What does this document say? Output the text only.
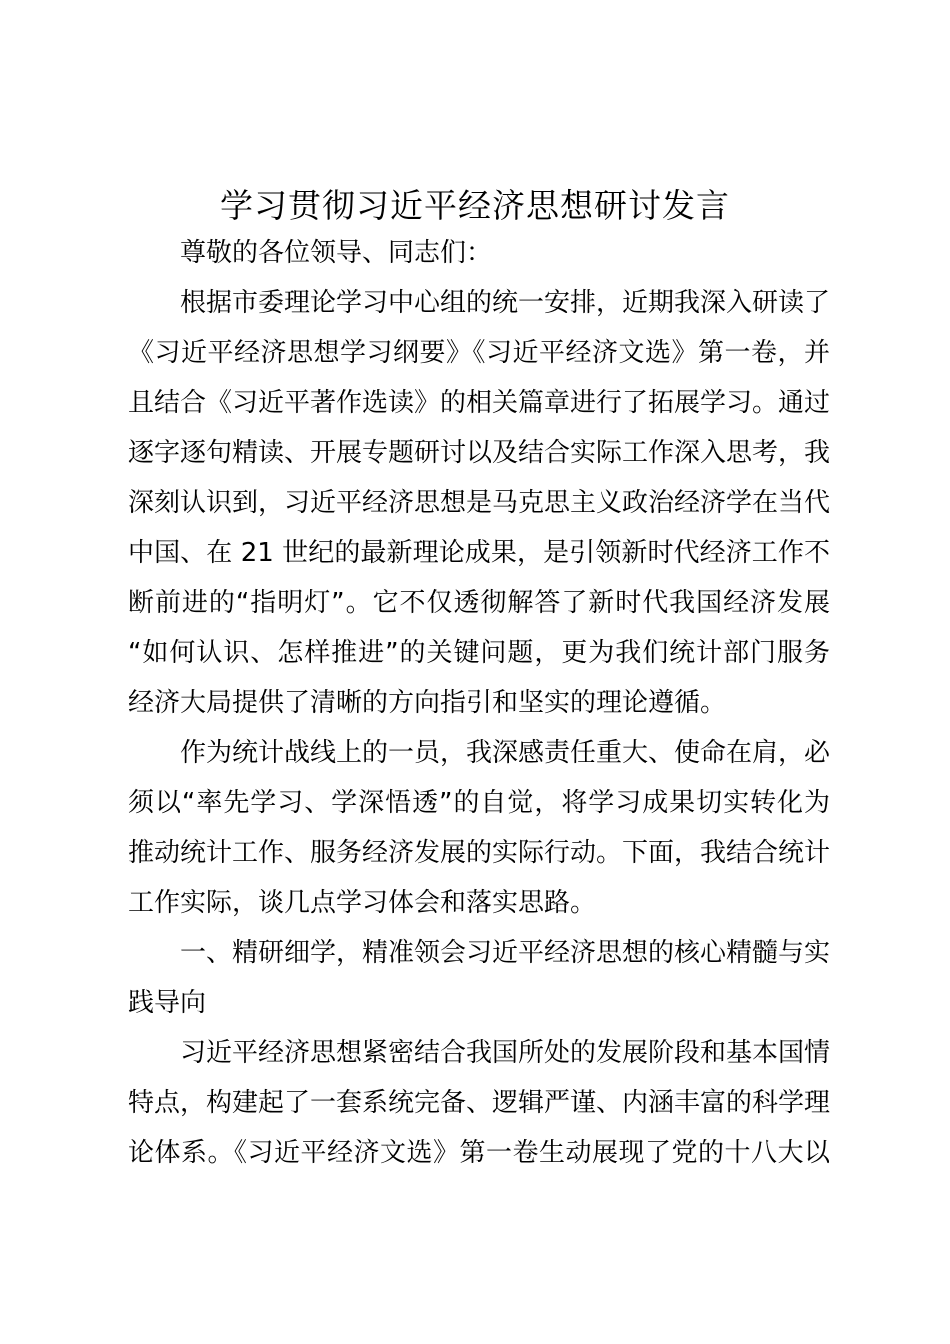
学习贯彻习近平经济思想研讨发言
尊敬的各位领导、同志们：
根据市委理论学习中心组的统一安排，近期我深入研读了
《习近平经济思想学习纲要》《习近平经济文选》第一卷，并
且结合《习近平著作选读》的相关篇章进行了拓展学习。通过
逐字逐句精读、开展专题研讨以及结合实际工作深入思考，我
深刻认识到，习近平经济思想是马克思主义政治经济学在当代
中国、在 21 世纪的最新理论成果，是引领新时代经济工作不
断前进的“指明灯”。它不仅透彻解答了新时代我国经济发展
“如何认识、怎样推进”的关键问题，更为我们统计部门服务
经济大局提供了清晰的方向指引和坚实的理论遵循。
作为统计战线上的一员，我深感责任重大、使命在肩，必
须以“率先学习、学深悟透”的自觉，将学习成果切实转化为
推动统计工作、服务经济发展的实际行动。下面，我结合统计
工作实际，谈几点学习体会和落实思路。
一、精研细学，精准领会习近平经济思想的核心精髓与实
践导向
习近平经济思想紧密结合我国所处的发展阶段和基本国情
特点，构建起了一套系统完备、逻辑严谨、内涵丰富的科学理
论体系。《习近平经济文选》第一卷生动展现了党的十八大以
